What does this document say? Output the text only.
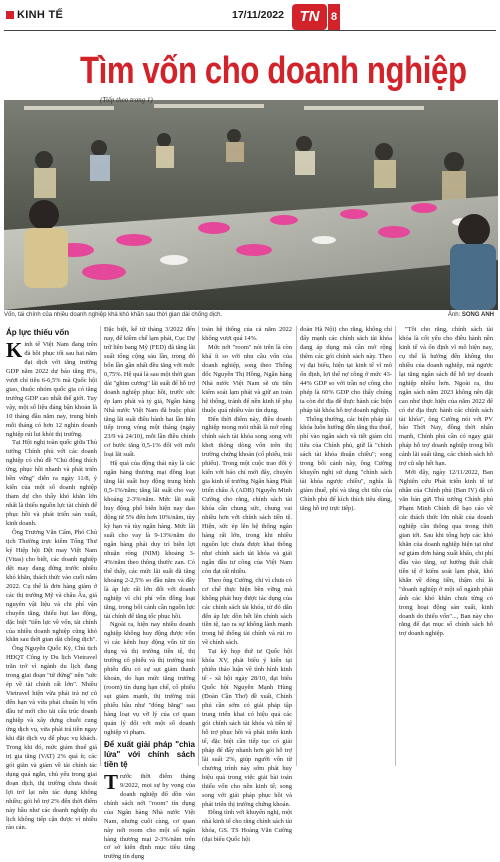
KINH TẾ	17/11/2022	TN	8
Tìm vốn cho doanh nghiệp
(Tiếp theo trang 1)
Vốn, tài chính của nhiều doanh nghiệp khá khó khăn sau thời gian dài chống dịch.	Ảnh: SONG ANH
Áp lực thiếu vốn

Kinh tế Việt Nam đang trên đà hồi phục tốt sau hai năm đại dịch với tăng trưởng GDP năm 2022 dự báo tăng 8%, vượt chỉ tiêu 6-6,5% mà Quốc hội giao, thuộc nhóm quốc gia có tăng trưởng GDP cao nhất thế giới. Tuy vậy, một số liệu đáng bận khoản là 10 tháng đầu năm nay, trung bình mỗi tháng có hơn 12 nghìn doanh nghiệp rút lui khỏi thị trường.

Tại Hội nghị toàn quốc giữa Thủ tướng Chính phủ với các doanh nghiệp có chủ đề "Chủ động thích ứng, phục hồi nhanh và phát triển bền vững" diễn ra ngày 11/8, ý kiến của một số doanh nghiệp tham dự cho thấy khó khăn lớn nhất là thiếu nguồn lực tài chính để phục hồi và phát triển sản xuất, kinh doanh.

Ông Trương Văn Cẩm, Phó Chủ tịch Thường trực kiêm Tổng Thư ký Hiệp hội Dệt may Việt Nam (Vitas) cho biết, các doanh nghiệp dệt may đang đứng trước nhiều khó khăn, thách thức vào cuối năm 2022. Cụ thể là đơn hàng giảm ở các thị trường Mỹ và châu Âu, giá nguyên vật liệu và chi phí vận chuyển tăng, thiếu hụt lao động, đặc biệt "tiền lực về vốn, tài chính của nhiều doanh nghiệp cũng khó khăn sau thời gian dài chống dịch".

Ông Nguyễn Quốc Kỳ, Chủ tịch HĐQT Công ty Du lịch Vietravel trăn trở vì ngành du lịch đang trong giai đoạn "tử đứng" nên "sức ép về tài chính rất lớn". Nhiều Vietravel hiện vừa phải trả nợ cũ đến hạn và vừa phải chuẩn bị vốn đầu tư mới cho tái cấu trúc doanh nghiệp và xây dựng chuỗi cung ứng dịch vụ, vừa phải trả tiền ngay khi đặt dịch vụ để phục vụ khách. Trong khi đó, mức giảm thuế giá trị gia tăng (VAT) 2% quá ít; các gói giãn và giảm về tài chính tác dụng quá ngắn, chủ yếu trong giai đoạn dịch, thị trường chưa thoát lợi trở lại nên tác dụng không nhiều; gói hỗ trợ 2% đến thời điểm này hầu như các doanh nghiệp du lịch không tiếp cận được vì nhiều rào cản.

Đặc biệt, kể từ tháng 3/2022 đến nay, để kiềm chế lạm phát, Cục Dự trữ liên bang Mỹ (FED) đã tăng lãi suất tổng cộng sáu lần, trong đó bốn lần gần nhất đều tăng với mức 0,75%. Hệ quả là sau một thời gian dài "ghim cương" lãi suất để hỗ trợ doanh nghiệp phục hồi, trước sức ép lạm phát và tỷ giá, Ngân hàng Nhà nước Việt Nam đã buộc phải tăng lãi suất điều hành hai lần liên tiếp trong vòng một tháng (ngày 23/9 và 24/10), mỗi lần điều chỉnh cơ bước tăng 0,5-1% đối với mỗi loại lãi suất.

Hệ quả của động thái này là các ngân hàng thương mại đồng loạt tăng lãi suất huy động trung bình 0,5-1%/năm; tăng lãi suất cho vay khoảng 2-3%/năm. Mức lãi suất huy động phổ biến hiện nay dao động từ 5% đến hơn 10%/năm, tùy kỳ hạn và tùy ngân hàng. Mức lãi suất cho vay là 9-13%/năm do ngân hàng phải duy trì biên lợi nhuận ròng (NIM) khoảng 3-4%/năm theo thông thước zan. Có thể thấy, các mức lãi suất đã tăng khoảng 2-2,5% so đầu năm và đây là áp lực rất lớn đối với doanh nghiệp vì chi phí vốn đồng loạt tăng, trong bối cảnh cần nguồn lực tài chính để tăng tốc phục hồi.

Ngoài ra, hiện nay nhiều doanh nghiệp không huy động được vốn vì các kênh huy động vốn từ tín dụng và thị trường tiền tệ, thị trường cổ phiếu và thị trường trái phiếu đều có sự sụt giảm thanh khoản, do hạn mức tăng trưởng (room) tín dụng hạn chế, cổ phiếu sụt giảm mạnh, thị trường trái phiếu hầu như "đóng băng" sau hàng loạt vụ vỡ lý của cơ quan quản lý đối với một số doanh nghiệp vi phạm.

Để xuất giải pháp "chìa lửa" với chính sách tiền tệ

Trước thời điểm tháng 9/2022, mọi sự hy vọng của doanh nghiệp đổ dồn vào chính sách nới "room" tín dụng của Ngân hàng Nhà nước Việt Nam, nhưng cuối cùng, cơ quan này nới room cho một số ngân hàng thương mại 2-3%/năm trên cơ sở kiên định mục tiêu tăng trưởng tín dụng

toàn hệ thống của cả năm 2022 không vượt quá 14%.

Mức nới "room" nói trên là còn khá ít so với nhu cầu vốn của doanh nghiệp, song theo Thống đốc Nguyễn Thị Hồng, Ngân hàng Nhà nước Việt Nam sẽ ưu tiên kiểm soát lạm phát và giữ an toàn hệ thống, tránh để nền kinh tế phụ thuộc quá nhiều vào tín dụng.

Đến thời điểm này, điều doanh nghiệp mong mỏi nhất là mở rộng chính sách tài khóa song song với khơi thông dòng vốn trên thị trường chứng khoán (cổ phiếu, trái phiếu). Trong một cuộc trao đổi ý kiến với báo chí mới đây, chuyên gia kinh tế trưởng Ngân hàng Phát triển châu Á (ADB) Nguyễn Minh Cường cho rằng, chính sách tài khóa cần chung sức, chung vai nhiều hơn với chính sách tiền tệ. Hiện, sức ép lên hệ thống ngân hàng rất lớn, trong khi nhiều nguồn lực chưa được khai thông như chính sách tài khóa và giải ngân đầu tư công của Việt Nam còn đạt rất nhiều.

Theo ông Cường, chi vì chưa có cơ chế thực hiện bền vững mà không phát huy được tác dụng của các chính sách tài khóa, từ đó dẫn đến áp lực dồn hết lên chính sách tiền tệ, tạo ra sự không lành mạnh trong hệ thống tài chính và rủi ro về chính sách.

Tại kỳ họp thứ tư Quốc hội khóa XV, phát biểu ý kiến tại phiên thảo luận về tình hình kinh tế - xã hội ngày 28/10, đại biểu Quốc hội Nguyễn Mạnh Hùng (Đoàn Cần Thơ) đề xuất, Chính phủ cần sớm có giải pháp tập trung triển khai có hiệu quả các gói chính sách tài khóa và tiền tệ hỗ trợ phục hồi và phát triển kinh tế, đặc biệt cần tiếp tục có giải pháp để đẩy nhanh hơn gói hỗ trợ lãi suất 2%, giúp người vốn từ chương trình này sớm phát huy hiệu quả trong việc giải bài toán thiếu vốn cho nền kinh tế; song song với giải pháp phục hồi và phát triển thị trường chứng khoán.

Đồng tình với khuyến nghị, một nhà kinh tế cho rằng chính sách tài khóa, GS. TS Hoàng Văn Cường (đại biểu Quốc hội

đoàn Hà Nội) cho rằng, không chỉ đẩy mạnh các chính sách tài khóa đang áp dụng mà cần mở rộng thêm các gói chính sách này. Theo vị đại biểu, hiện tại kinh tế vĩ mô ổn định, lợi thế nợ công ở mức 43-44% GDP so với trần nợ công cho phép là 60% GDP cho thấy chúng ta còn dư địa để thực hành các biện pháp tài khóa hỗ trợ doanh nghiệp.

Thống thường, các biện pháp tài khóa luôn hướng đến tăng thu thuế, phí vào ngân sách và tiết giảm chi tiêu của Chính phủ, giữ là "chính sách tài khóa thuận chiều"; song trong bối cảnh này, ông Cường khuyến nghị sử dụng "chính sách tài khóa ngược chiều", nghĩa là giảm thuế, phí và tăng chi tiêu của Chính phủ để kích thích tiêu dùng, tăng hỗ trợ trực tiếp).

"Tôi cho rằng, chính sách tài khóa là cốt yếu cho điều hành nền kinh tế và ổn định vĩ mô hiện nay, cụ thể là hướng đến không thu nhiều của doanh nghiệp, mà ngược lại tăng ngân sách để hỗ trợ doanh nghiệp nhiều hơn. Ngoài ra, thu ngân sách năm 2023 không nên đặt cao như thực hiện của năm 2022 để có dư địa thực hành các chính sách tài khóa", ông Cường nói với PV báo Thời Nay, đồng thời nhấn mạnh, Chính phủ cần có ngay giải pháp hỗ trợ doanh nghiệp trong bối cảnh lãi suất tăng, các chính sách hỗ trợ cũ sắp hết hạn.

Mới đây, ngày 12/11/2022, Ban Nghiên cứu Phát triển kinh tế tư nhân của Chính phủ (Ban IV) đã có văn bản gửi Thủ tướng Chính phủ Phạm Minh Chính đề bạo cáo về các thách thức lớn nhất của doanh nghiệp cần thông qua trong thời gian tới. Sau khi tổng hợp các khó khăn của doanh nghiệp hiện tại như sự giảm đơn hàng xuất khẩu, chi phí đầu vào tăng, sự hướng thất chất tiền tệ ở kiểm soát lạm phát, khó khăn về dòng tiền, thậm chí là "doanh nghiệp ở một số ngành phải ánh các khó khăn chưa từng có trong hoạt động sản xuất, kinh doanh do thiếu vốn"..., Ban này cho rằng để đạt mục số chính sách hỗ trợ doanh nghiệp.
